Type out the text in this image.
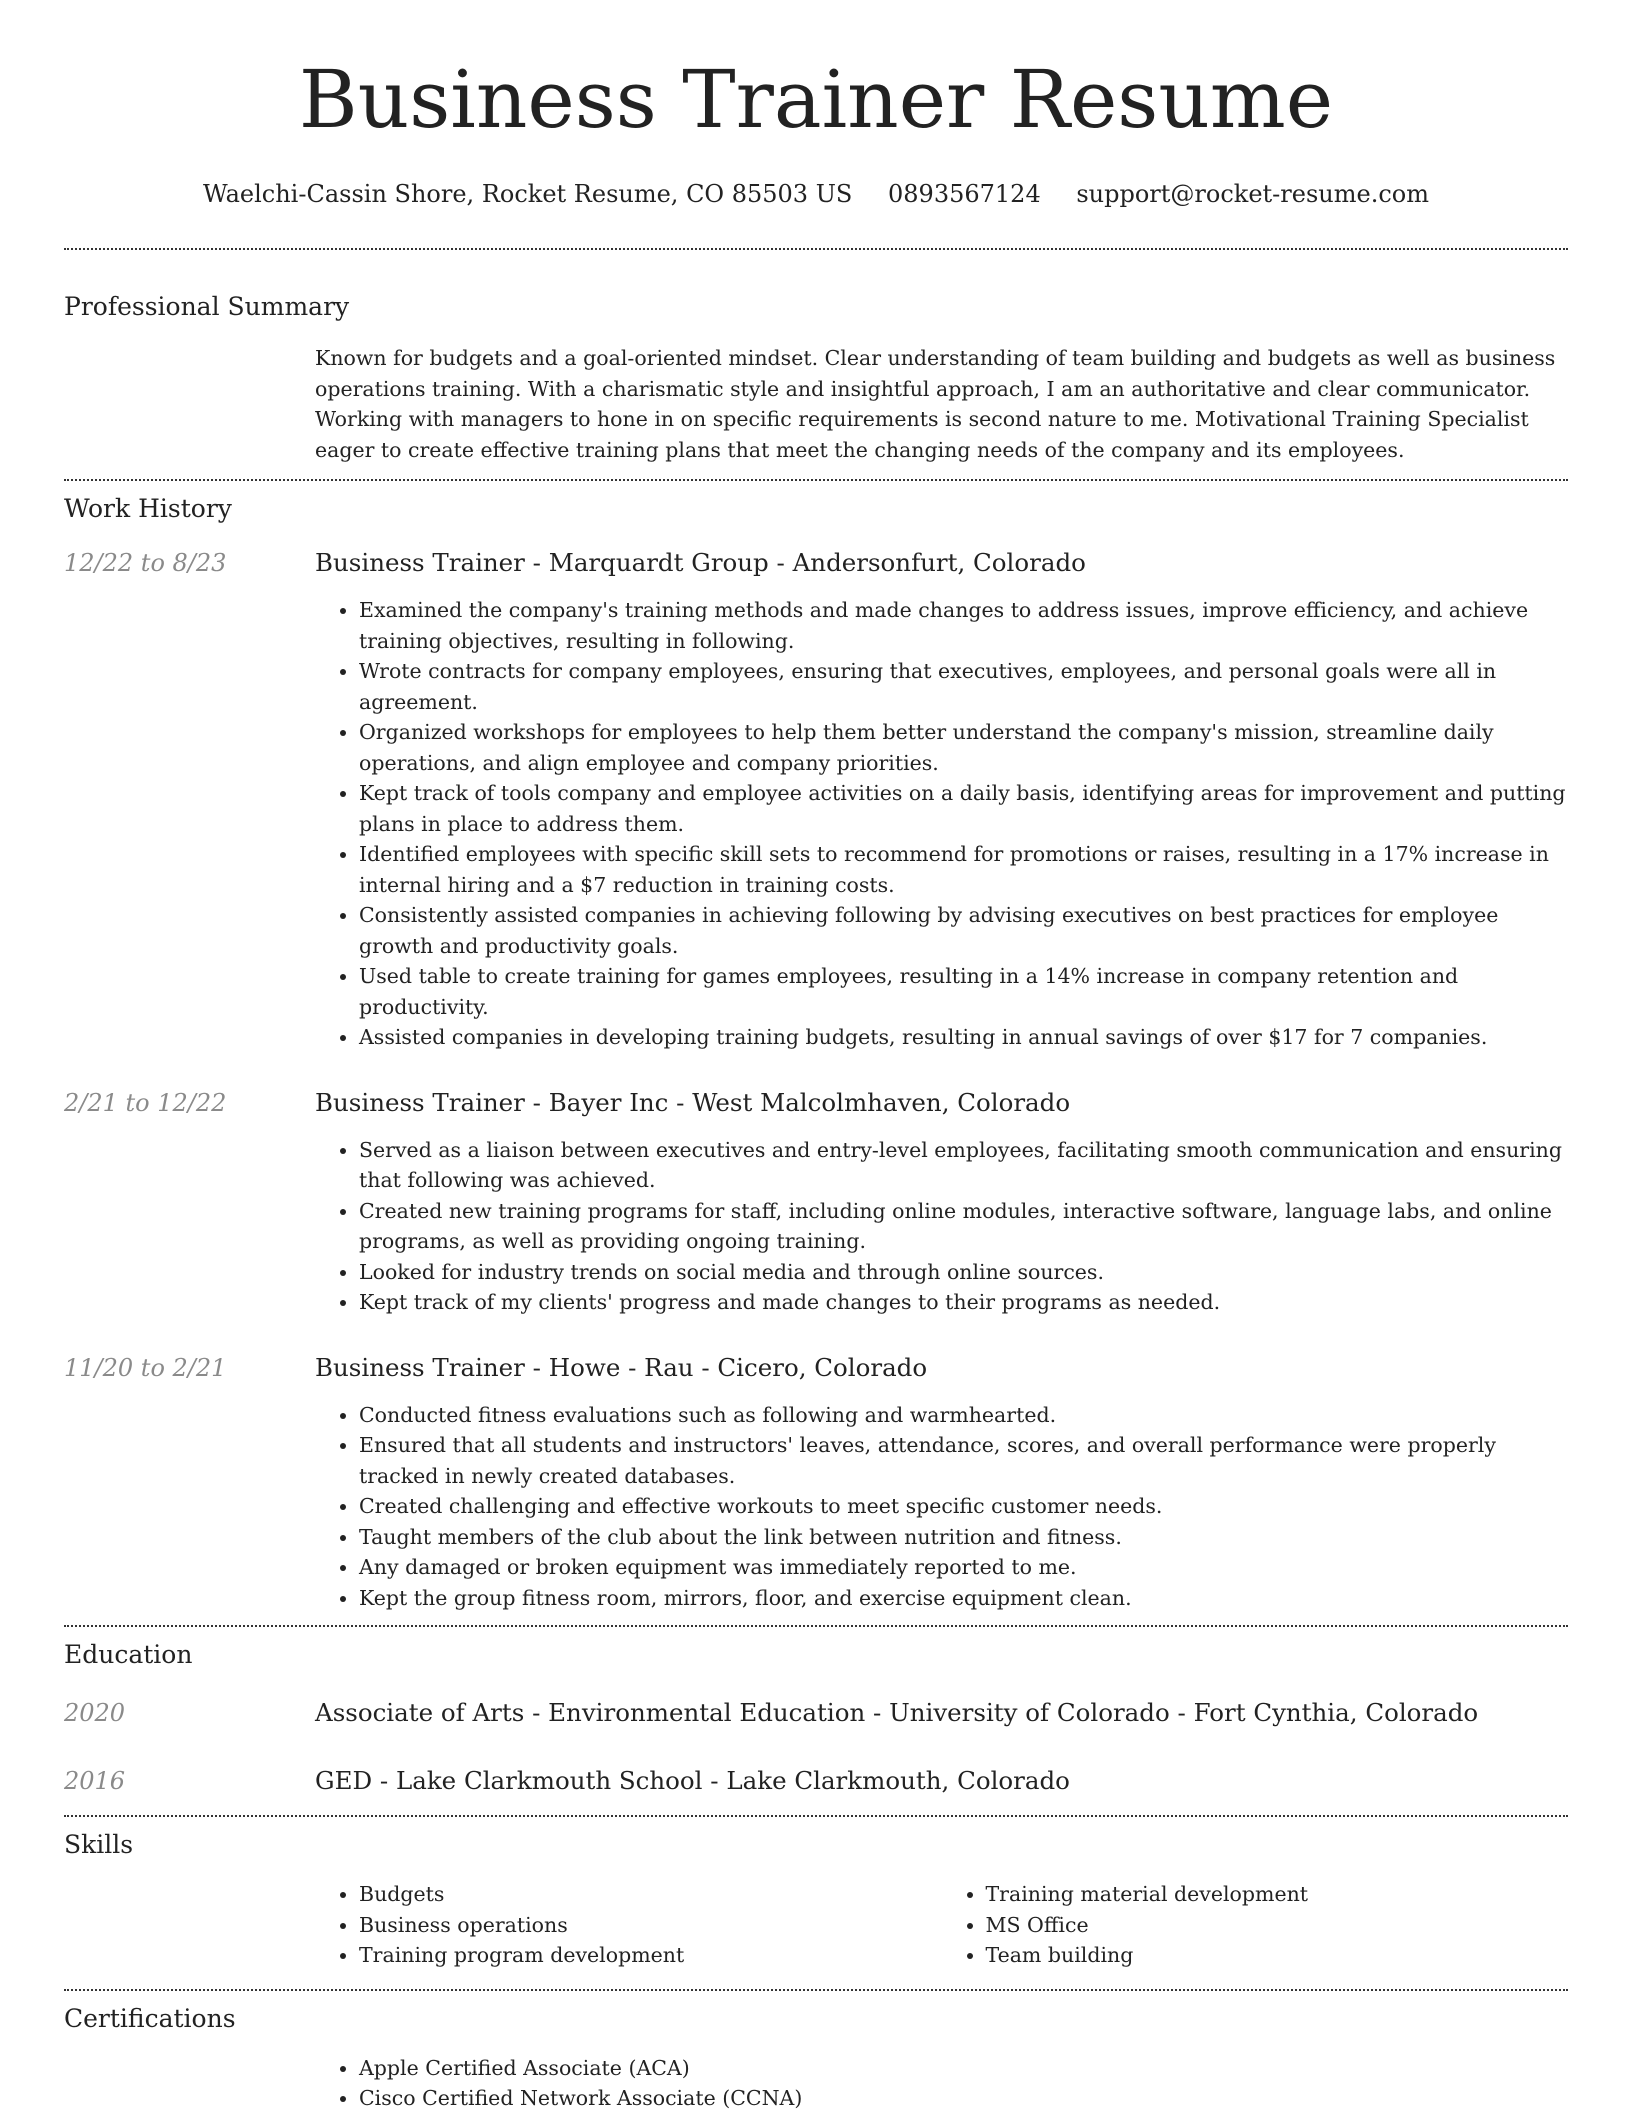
Business Trainer Resume
Waelchi-Cassin Shore, Rocket Resume, CO 85503 US 0893567124 support@rocket-resume.com
Professional Summary
Known for budgets and a goal-oriented mindset. Clear understanding of team building and budgets as well as business operations training. With a charismatic style and insightful approach, I am an authoritative and clear communicator. Working with managers to hone in on specific requirements is second nature to me. Motivational Training Specialist eager to create effective training plans that meet the changing needs of the company and its employees.
Work History
12/22 to 8/23	Business Trainer - Marquardt Group - Andersonfurt, Colorado
• Examined the company's training methods and made changes to address issues, improve efficiency, and achieve training objectives, resulting in following.
• Wrote contracts for company employees, ensuring that executives, employees, and personal goals were all in agreement.
• Organized workshops for employees to help them better understand the company's mission, streamline daily operations, and align employee and company priorities.
• Kept track of tools company and employee activities on a daily basis, identifying areas for improvement and putting plans in place to address them.
• Identified employees with specific skill sets to recommend for promotions or raises, resulting in a 17% increase in internal hiring and a $7 reduction in training costs.
• Consistently assisted companies in achieving following by advising executives on best practices for employee growth and productivity goals.
• Used table to create training for games employees, resulting in a 14% increase in company retention and productivity.
• Assisted companies in developing training budgets, resulting in annual savings of over $17 for 7 companies.
2/21 to 12/22	Business Trainer - Bayer Inc - West Malcolmhaven, Colorado
• Served as a liaison between executives and entry-level employees, facilitating smooth communication and ensuring that following was achieved.
• Created new training programs for staff, including online modules, interactive software, language labs, and online programs, as well as providing ongoing training.
• Looked for industry trends on social media and through online sources.
• Kept track of my clients' progress and made changes to their programs as needed.
11/20 to 2/21	Business Trainer - Howe - Rau - Cicero, Colorado
• Conducted fitness evaluations such as following and warmhearted.
• Ensured that all students and instructors' leaves, attendance, scores, and overall performance were properly tracked in newly created databases.
• Created challenging and effective workouts to meet specific customer needs.
• Taught members of the club about the link between nutrition and fitness.
• Any damaged or broken equipment was immediately reported to me.
• Kept the group fitness room, mirrors, floor, and exercise equipment clean.
Education
2020	Associate of Arts - Environmental Education - University of Colorado - Fort Cynthia, Colorado
2016	GED - Lake Clarkmouth School - Lake Clarkmouth, Colorado
Skills
• Budgets
• Business operations
• Training program development
• Training material development
• MS Office
• Team building
Certifications
• Apple Certified Associate (ACA)
• Cisco Certified Network Associate (CCNA)
